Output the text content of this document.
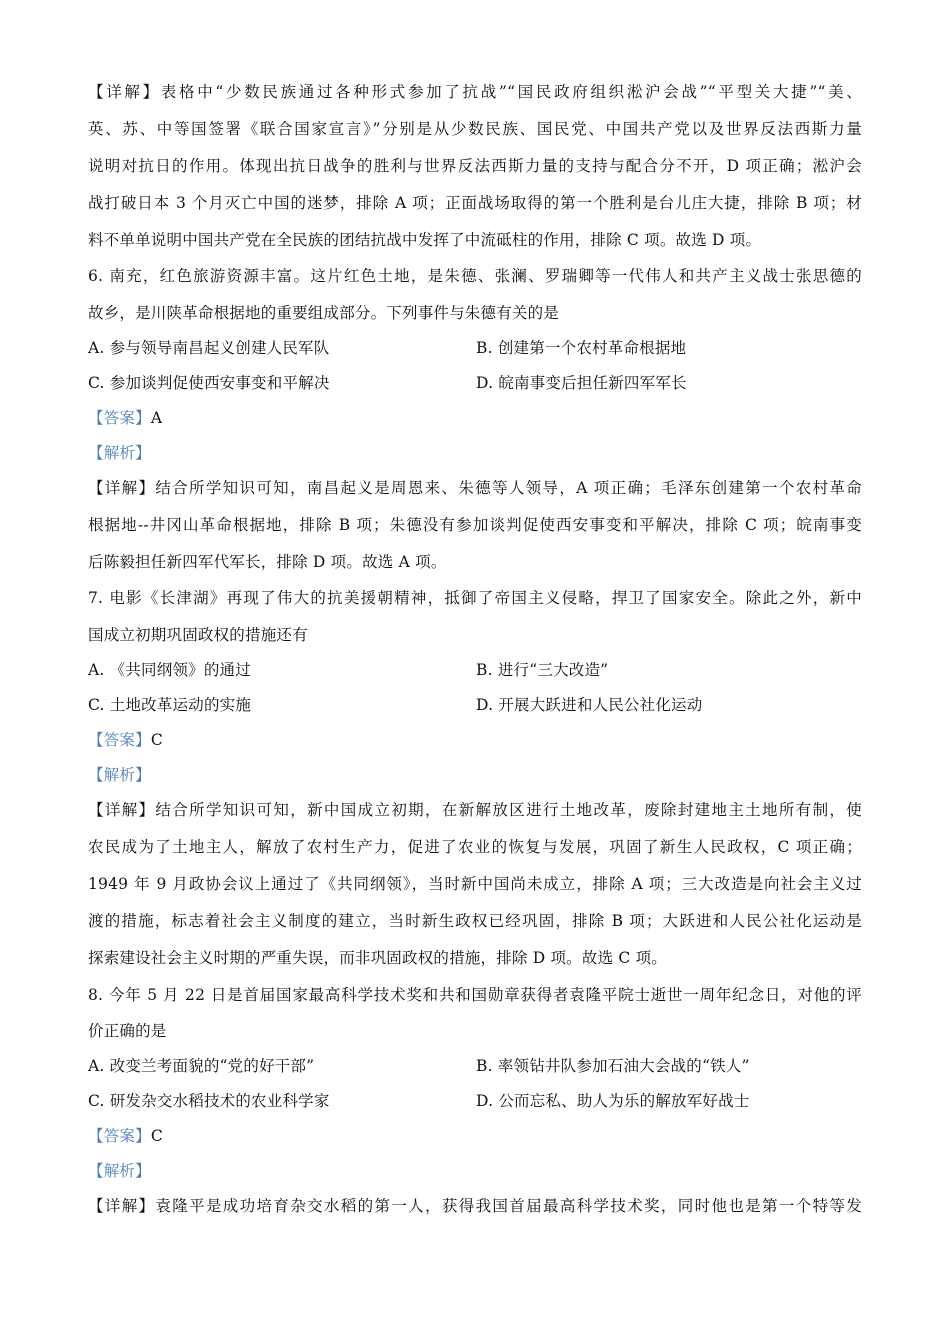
【详解】表格中“少数民族通过各种形式参加了抗战”“国民政府组织淞沪会战”“平型关大捷”“美、
英、苏、中等国签署《联合国家宣言》”分别是从少数民族、国民党、中国共产党以及世界反法西斯力量
说明对抗日的作用。体现出抗日战争的胜利与世界反法西斯力量的支持与配合分不开，D 项正确；淞沪会
战打破日本 3 个月灭亡中国的迷梦，排除 A 项；正面战场取得的第一个胜利是台儿庄大捷，排除 B 项；材
料不单单说明中国共产党在全民族的团结抗战中发挥了中流砥柱的作用，排除 C 项。故选 D 项。
6. 南充，红色旅游资源丰富。这片红色土地，是朱德、张澜、罗瑞卿等一代伟人和共产主义战士张思德的
故乡，是川陕革命根据地的重要组成部分。下列事件与朱德有关的是
A. 参与领导南昌起义创建人民军队	B. 创建第一个农村革命根据地
C. 参加谈判促使西安事变和平解决	D. 皖南事变后担任新四军军长
【答案】A
【解析】
【详解】结合所学知识可知，南昌起义是周恩来、朱德等人领导，A 项正确；毛泽东创建第一个农村革命
根据地--井冈山革命根据地，排除 B 项；朱德没有参加谈判促使西安事变和平解决，排除 C 项；皖南事变
后陈毅担任新四军代军长，排除 D 项。故选 A 项。
7. 电影《长津湖》再现了伟大的抗美援朝精神，抵御了帝国主义侵略，捍卫了国家安全。除此之外，新中
国成立初期巩固政权的措施还有
A. 《共同纲领》的通过	B. 进行“三大改造”
C. 土地改革运动的实施	D. 开展大跃进和人民公社化运动
【答案】C
【解析】
【详解】结合所学知识可知，新中国成立初期，在新解放区进行土地改革，废除封建地主土地所有制，使
农民成为了土地主人，解放了农村生产力，促进了农业的恢复与发展，巩固了新生人民政权，C 项正确；
1949 年 9 月政协会议上通过了《共同纲领》，当时新中国尚未成立，排除 A 项；三大改造是向社会主义过
渡的措施，标志着社会主义制度的建立，当时新生政权已经巩固，排除 B 项；大跃进和人民公社化运动是
探索建设社会主义时期的严重失误，而非巩固政权的措施，排除 D 项。故选 C 项。
8. 今年 5 月 22 日是首届国家最高科学技术奖和共和国勋章获得者袁隆平院士逝世一周年纪念日，对他的评
价正确的是
A. 改变兰考面貌的“党的好干部”	B. 率领钻井队参加石油大会战的“铁人”
C. 研发杂交水稻技术的农业科学家	D. 公而忘私、助人为乐的解放军好战士
【答案】C
【解析】
【详解】袁隆平是成功培育杂交水稻的第一人，获得我国首届最高科学技术奖，同时他也是第一个特等发
